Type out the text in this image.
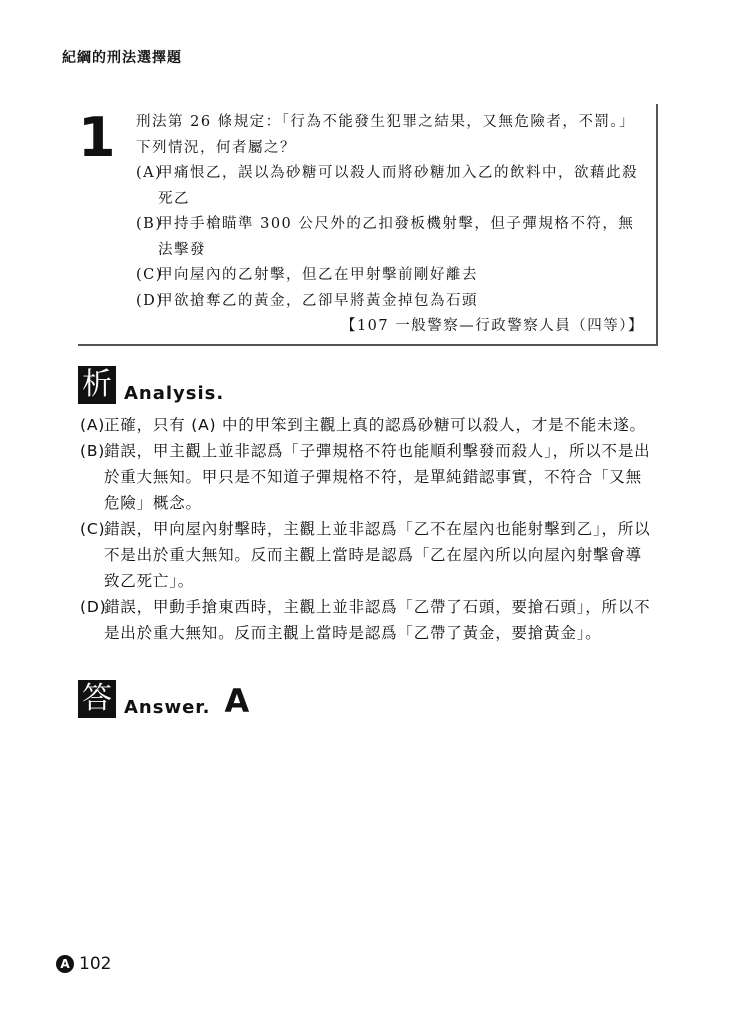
紀綱的刑法選擇題
1 刑法第 26 條規定：「行為不能發生犯罪之結果，又無危險者，不罰。」下列情況，何者屬之？

(A)
甲痛恨乙，誤以為砂糖可以殺人而將砂糖加入乙的飲料中，欲藉此殺死乙
(B)
甲持手槍瞄準 300 公尺外的乙扣發板機射擊，但子彈規格不符，無法擊發
(C)
甲向屋內的乙射擊，但乙在甲射擊前剛好離去
(D)
甲欲搶奪乙的黃金，乙卻早將黃金掉包為石頭

【107 一般警察—行政警察人員（四等）】

析 Analysis.
(A)
正確，只有 (A) 中的甲笨到主觀上真的認爲砂糖可以殺人，才是不能未遂。
(B)
錯誤，甲主觀上並非認爲「子彈規格不符也能順利擊發而殺人」，所以不是出於重大無知。甲只是不知道子彈規格不符，是單純錯認事實，不符合「又無危險」概念。
(C)
錯誤，甲向屋內射擊時，主觀上並非認爲「乙不在屋內也能射擊到乙」，所以不是出於重大無知。反而主觀上當時是認爲「乙在屋內所以向屋內射擊會導致乙死亡」。
(D)
錯誤，甲動手搶東西時，主觀上並非認爲「乙帶了石頭，要搶石頭」，所以不是出於重大無知。反而主觀上當時是認爲「乙帶了黃金，要搶黃金」。
答 Answer. A
A 102
